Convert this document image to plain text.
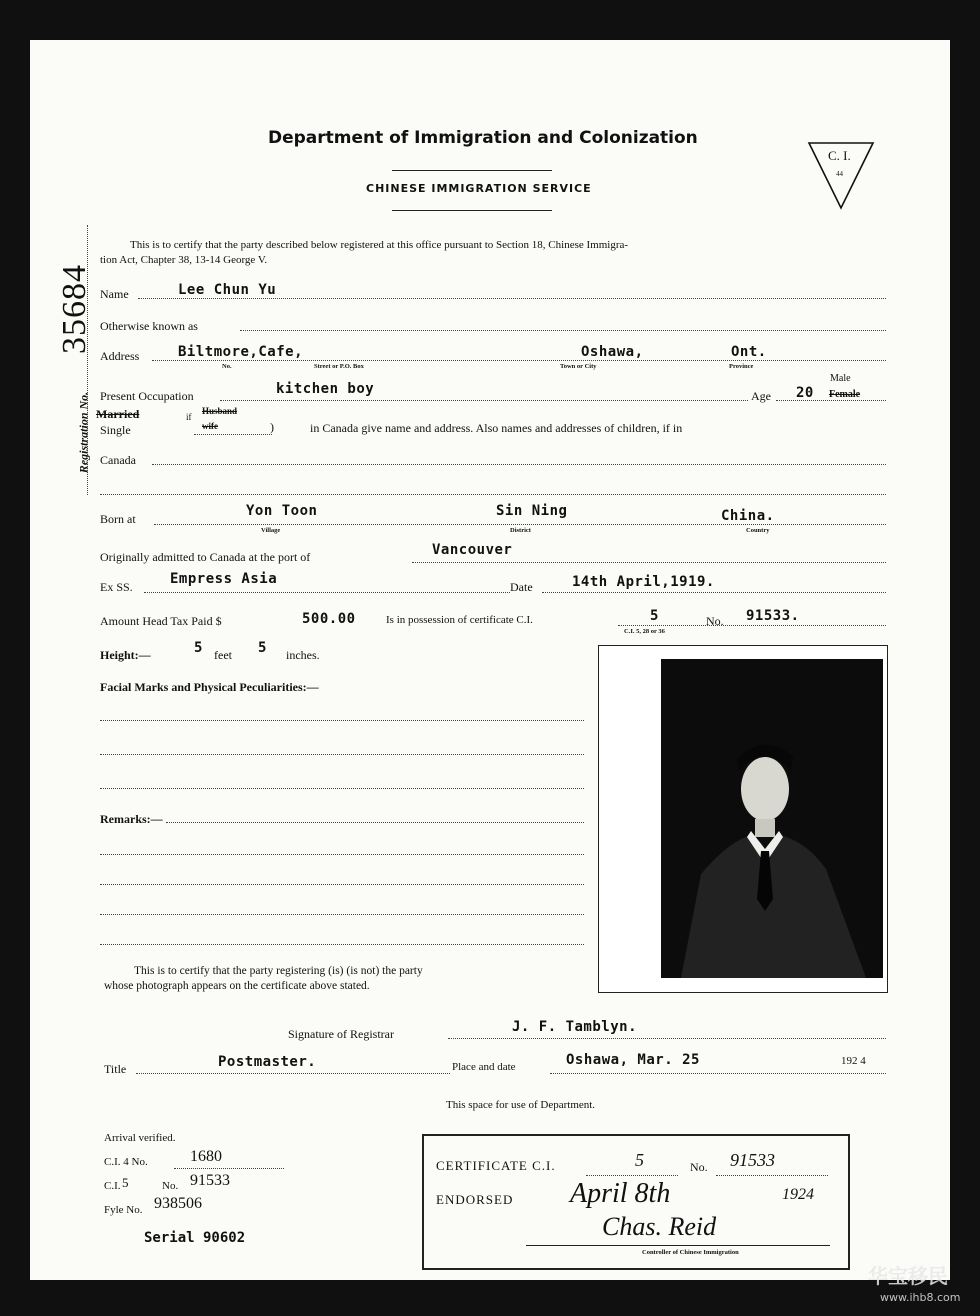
Department of Immigration and Colonization
CHINESE IMMIGRATION SERVICE
C. I.
44
35684
Registration No.
This is to certify that the party described below registered at this office pursuant to Section 18, Chinese Immigra-
tion Act, Chapter 38, 13-14 George V.
Name	Lee Chun Yu
Otherwise known as
Address	Biltmore,Cafe,	Oshawa,	Ont.
No.	Street or P.O. Box	Town or City	Province
Present Occupation	kitchen boy	Age 20
Male
Female
Married
Single
if
Husband
wife	)	in Canada give name and address. Also names and addresses of children, if in
Canada
Born at	Yon Toon	Sin Ning	China.
Village	District	Country
Originally admitted to Canada at the port of	Vancouver
Ex SS.	Empress Asia	Date	14th April,1919.
Amount Head Tax Paid $	500.00	Is in possession of certificate C.I.	5	No. 91533.
C.I. 5, 28 or 36
Height:—	5 feet 5 inches.
Facial Marks and Physical Peculiarities:—
Remarks:—
This is to certify that the party registering (is) (is not) the party
whose photograph appears on the certificate above stated.
Signature of Registrar	J. F. Tamblyn.
Title	Postmaster.	Place and date	Oshawa, Mar. 25	192 4
This space for use of Department.
Arrival verified.
C.I. 4 No.	1680
C.I. 5	No. 91533
Fyle No. 938506
Serial 90602
CERTIFICATE C.I.	5	No. 91533
ENDORSED April 8th	1924
Chas. Reid
Controller of Chinese Immigration
华宝移民
www.ihb8.com
